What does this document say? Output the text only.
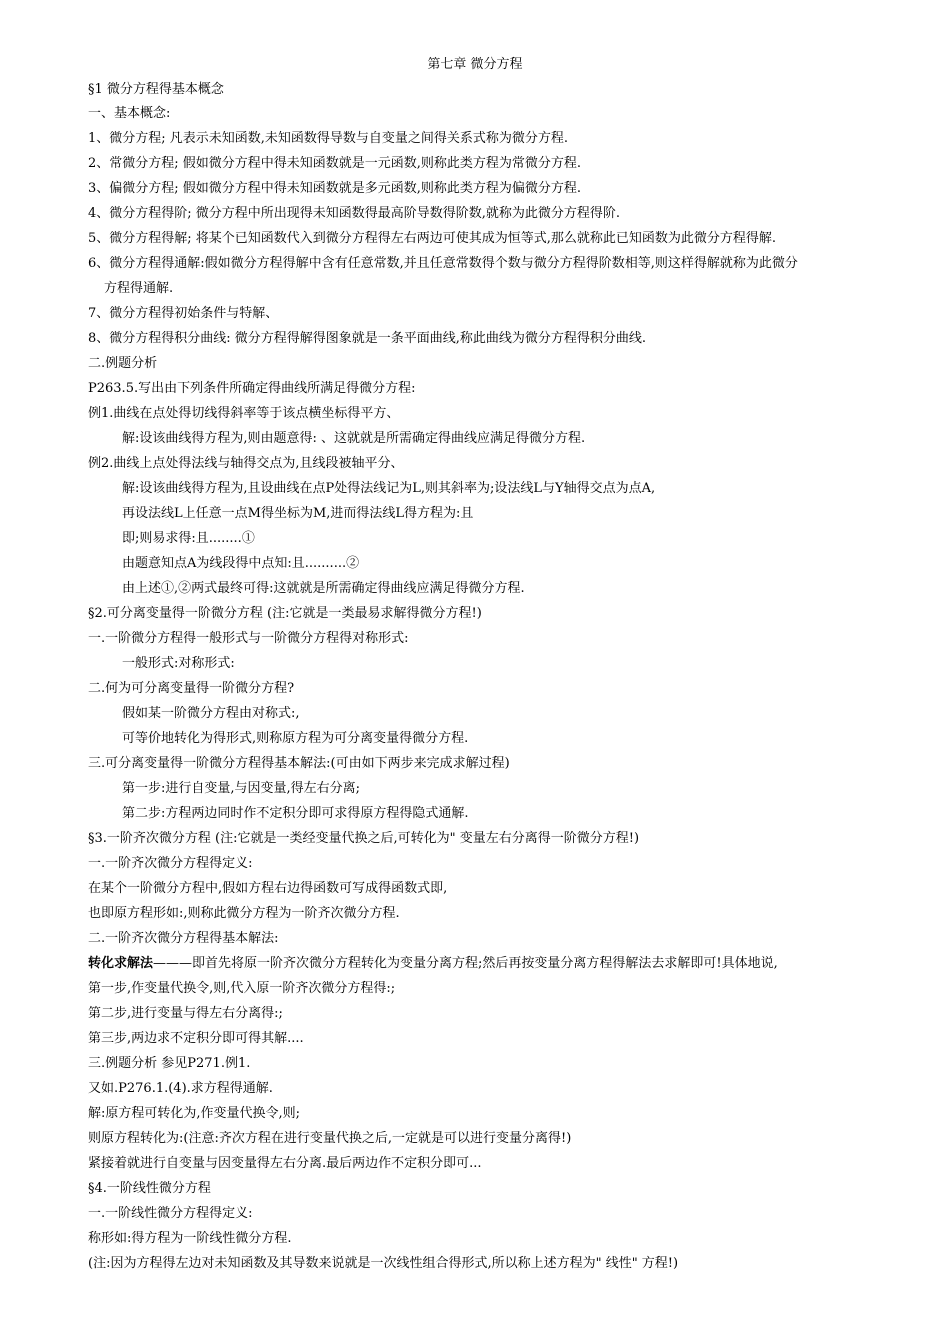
第七章 微分方程
§1 微分方程得基本概念
一、基本概念:
1、微分方程; 凡表示未知函数,未知函数得导数与自变量之间得关系式称为微分方程.
2、常微分方程; 假如微分方程中得未知函数就是一元函数,则称此类方程为常微分方程.
3、偏微分方程; 假如微分方程中得未知函数就是多元函数,则称此类方程为偏微分方程.
4、微分方程得阶; 微分方程中所出现得未知函数得最高阶导数得阶数,就称为此微分方程得阶.
5、微分方程得解; 将某个已知函数代入到微分方程得左右两边可使其成为恒等式,那么就称此已知函数为此微分方程得解.
6、微分方程得通解:假如微分方程得解中含有任意常数,并且任意常数得个数与微分方程得阶数相等,则这样得解就称为此微分
方程得通解.
7、微分方程得初始条件与特解、
8、微分方程得积分曲线: 微分方程得解得图象就是一条平面曲线,称此曲线为微分方程得积分曲线.
二.例题分析
P263.5.写出由下列条件所确定得曲线所满足得微分方程:
例1.曲线在点处得切线得斜率等于该点横坐标得平方、
解:设该曲线得方程为,则由题意得: 、这就就是所需确定得曲线应满足得微分方程.
例2.曲线上点处得法线与轴得交点为,且线段被轴平分、
解:设该曲线得方程为,且设曲线在点P处得法线记为L,则其斜率为;设法线L与Y轴得交点为点A,
再设法线L上任意一点M得坐标为M,进而得法线L得方程为:且
即;则易求得:且........①
由题意知点A为线段得中点知:且..........②
由上述①,②两式最终可得:这就就是所需确定得曲线应满足得微分方程.
§2.可分离变量得一阶微分方程 (注:它就是一类最易求解得微分方程!)
一.一阶微分方程得一般形式与一阶微分方程得对称形式:
一般形式:对称形式:
二.何为可分离变量得一阶微分方程?
假如某一阶微分方程由对称式:,
可等价地转化为得形式,则称原方程为可分离变量得微分方程.
三.可分离变量得一阶微分方程得基本解法:(可由如下两步来完成求解过程)
第一步:进行自变量,与因变量,得左右分离;
第二步:方程两边同时作不定积分即可求得原方程得隐式通解.
§3.一阶齐次微分方程 (注:它就是一类经变量代换之后,可转化为" 变量左右分离得一阶微分方程!)
一.一阶齐次微分方程得定义:
在某个一阶微分方程中,假如方程右边得函数可写成得函数式即,
也即原方程形如:,则称此微分方程为一阶齐次微分方程.
二.一阶齐次微分方程得基本解法:
转化求解法———即首先将原一阶齐次微分方程转化为变量分离方程;然后再按变量分离方程得解法去求解即可!具体地说,
第一步,作变量代换令,则,代入原一阶齐次微分方程得:;
第二步,进行变量与得左右分离得:;
第三步,两边求不定积分即可得其解....
三.例题分析 参见P271.例1.
又如.P276.1.(4).求方程得通解.
解:原方程可转化为,作变量代换令,则;
则原方程转化为:(注意:齐次方程在进行变量代换之后,一定就是可以进行变量分离得!)
紧接着就进行自变量与因变量得左右分离.最后两边作不定积分即可...
§4.一阶线性微分方程
一.一阶线性微分方程得定义:
称形如:得方程为一阶线性微分方程.
(注:因为方程得左边对未知函数及其导数来说就是一次线性组合得形式,所以称上述方程为" 线性" 方程!)
